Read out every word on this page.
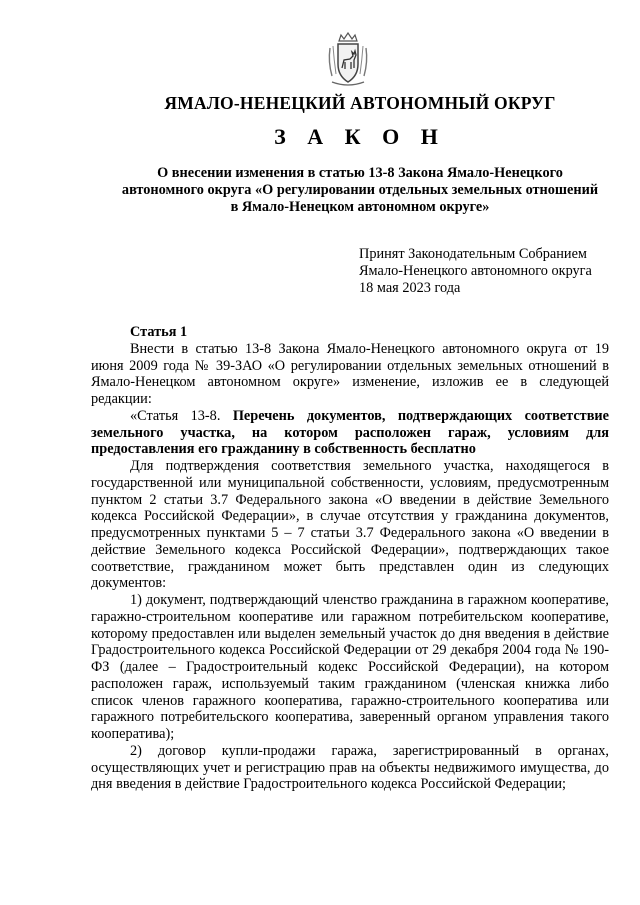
ЯМАЛО-НЕНЕЦКИЙ АВТОНОМНЫЙ ОКРУГ
З А К О Н
О внесении изменения в статью 13-8 Закона Ямало-Ненецкого
автономного округа «О регулировании отдельных земельных отношений
в Ямало-Ненецком автономном округе»
Принят Законодательным Собранием
Ямало-Ненецкого автономного округа
18 мая 2023 года

Статья 1

Внести в статью 13-8 Закона Ямало-Ненецкого автономного округа от 19 июня 2009 года № 39-ЗАО «О регулировании отдельных земельных отношений в Ямало-Ненецком автономном округе» изменение, изложив ее в следующей редакции:

«Статья 13-8. Перечень документов, подтверждающих соответствие земельного участка, на котором расположен гараж, условиям для предоставления его гражданину в собственность бесплатно

Для подтверждения соответствия земельного участка, находящегося в государственной или муниципальной собственности, условиям, предусмотренным пунктом 2 статьи 3.7 Федерального закона «О введении в действие Земельного кодекса Российской Федерации», в случае отсутствия у гражданина документов, предусмотренных пунктами 5 – 7 статьи 3.7 Федерального закона «О введении в действие Земельного кодекса Российской Федерации», подтверждающих такое соответствие, гражданином может быть представлен один из следующих документов:

1) документ, подтверждающий членство гражданина в гаражном кооперативе, гаражно-строительном кооперативе или гаражном потребительском кооперативе, которому предоставлен или выделен земельный участок до дня введения в действие Градостроительного кодекса Российской Федерации от 29 декабря 2004 года № 190-ФЗ (далее – Градостроительный кодекс Российской Федерации), на котором расположен гараж, используемый таким гражданином (членская книжка либо список членов гаражного кооператива, гаражно-строительного кооператива или гаражного потребительского кооператива, заверенный органом управления такого кооператива);

2) договор купли-продажи гаража, зарегистрированный в органах, осуществляющих учет и регистрацию прав на объекты недвижимого имущества, до дня введения в действие Градостроительного кодекса Российской Федерации;
